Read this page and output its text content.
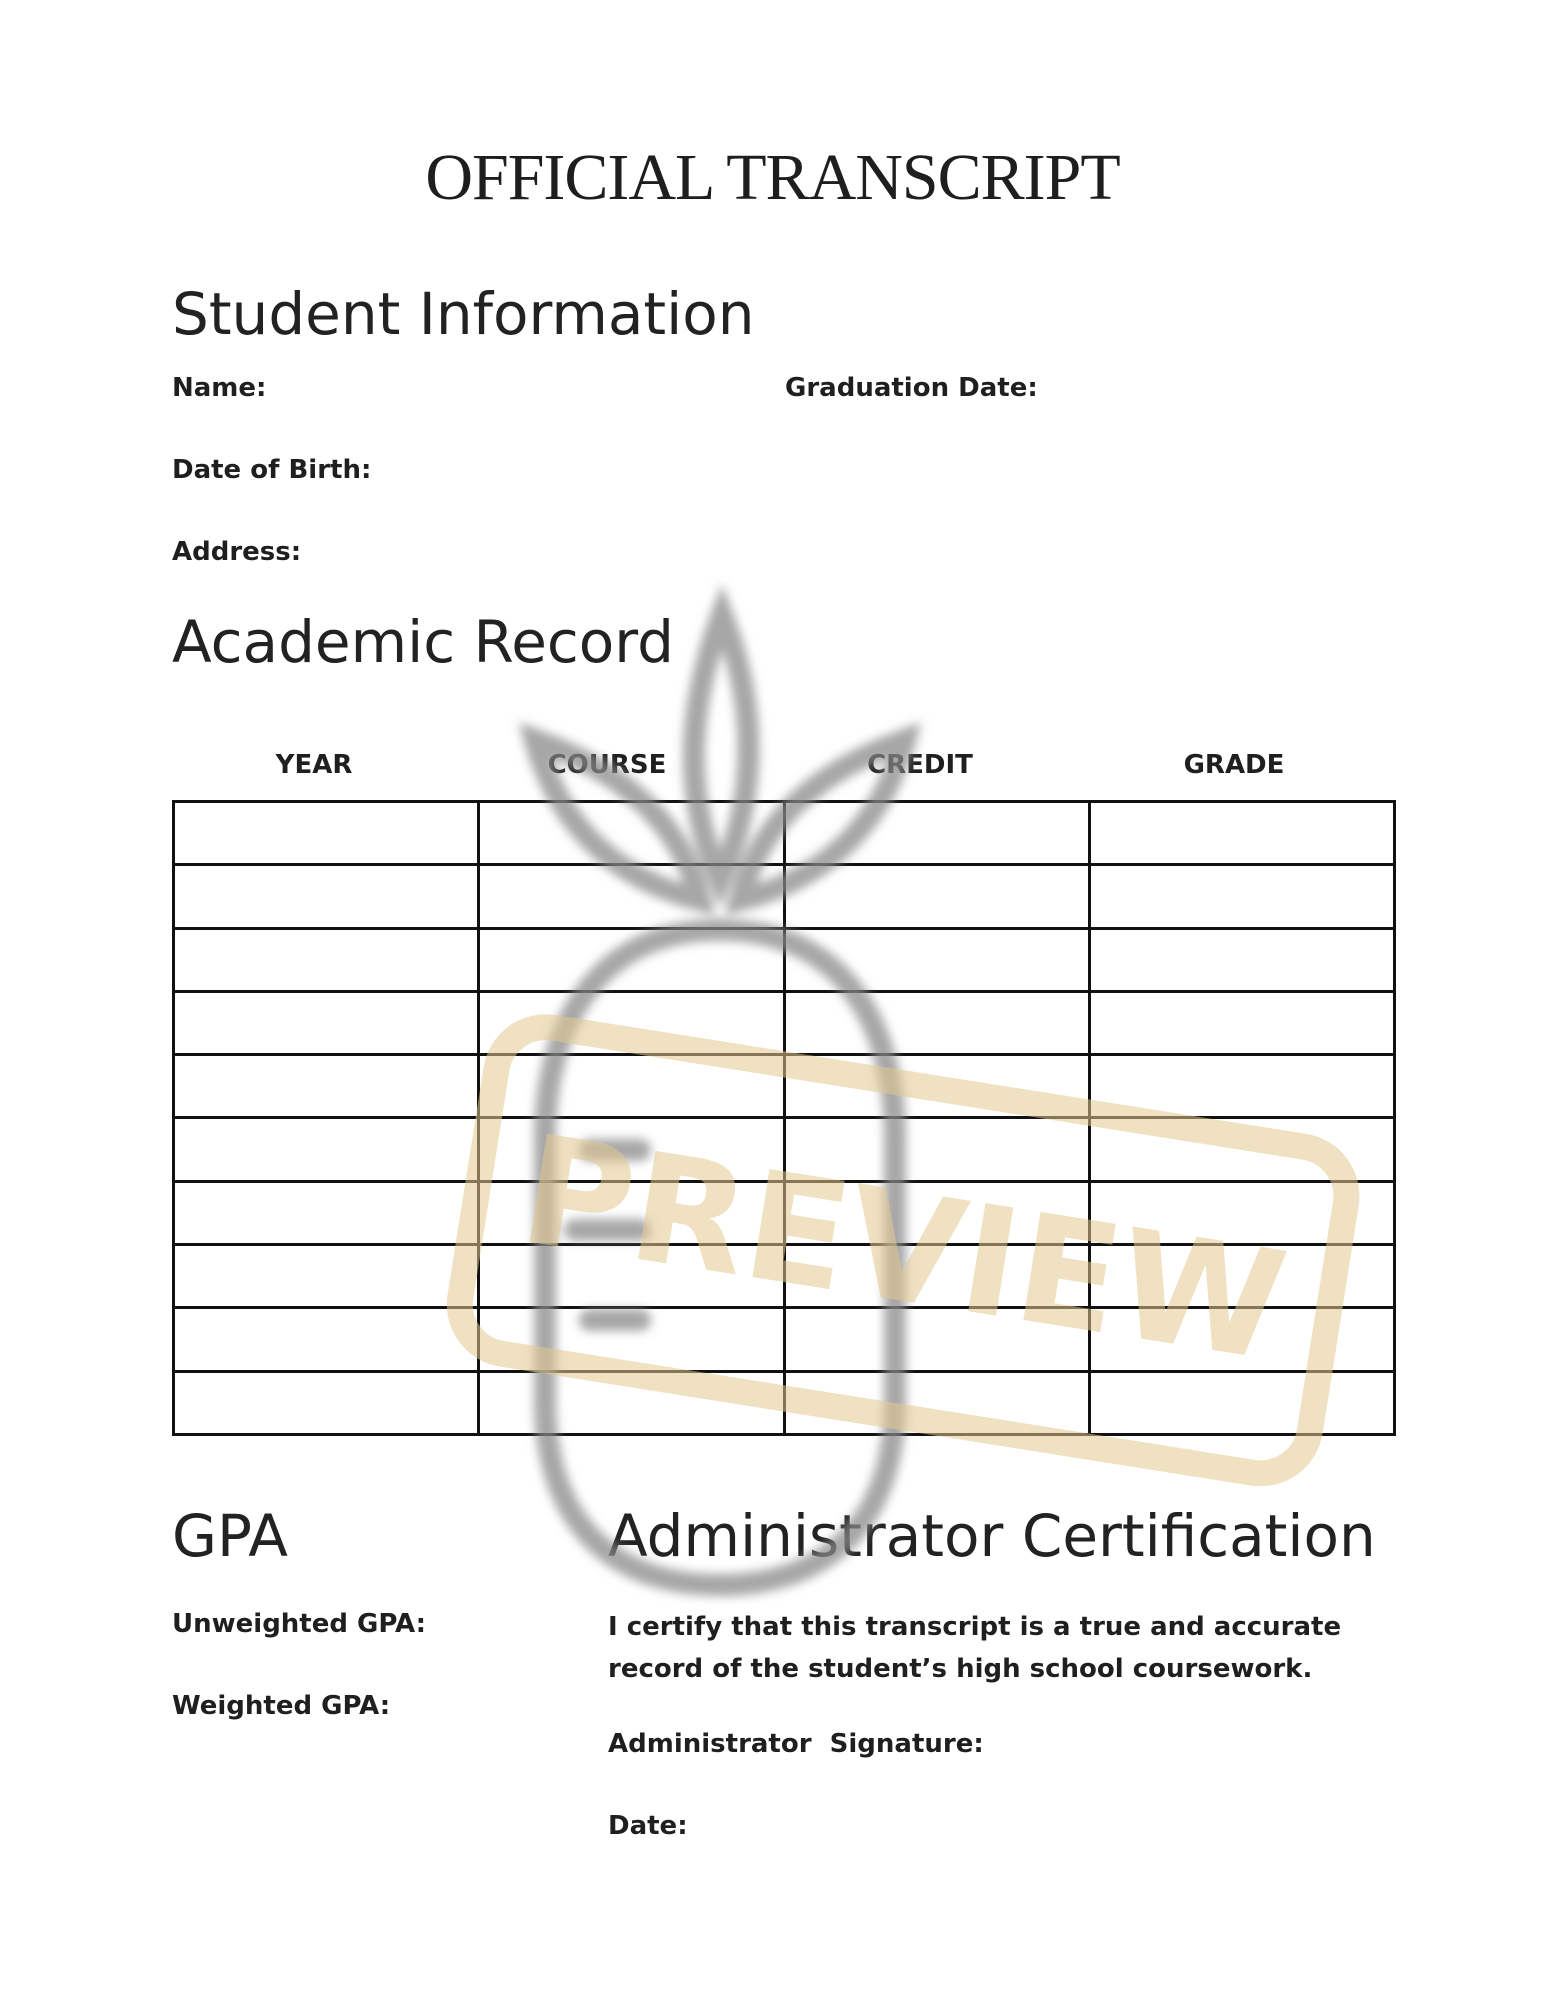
OFFICIAL TRANSCRIPT
Student Information
Name:	Graduation Date:
Date of Birth:
Address:
Academic Record
YEAR	COURSE	CREDIT	GRADE

GPA
Unweighted GPA:
Weighted GPA:
Administrator Certification
I certify that this transcript is a true and accurate record of the student’s high school coursework.
Administrator  Signature:
Date:
PREVIEW
